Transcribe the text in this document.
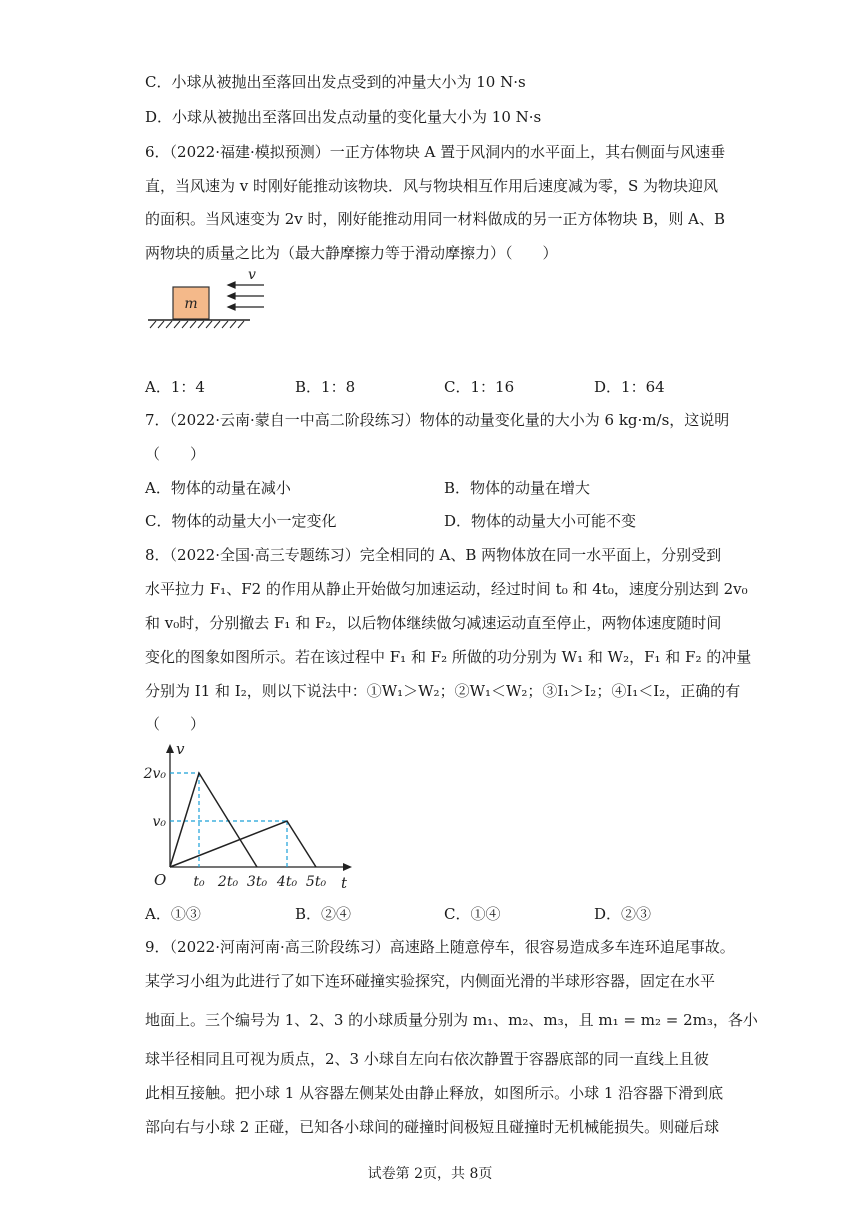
C．小球从被抛出至落回出发点受到的冲量大小为 10 N·s
D．小球从被抛出至落回出发点动量的变化量大小为 10 N·s
6．（2022·福建·模拟预测）一正方体物块 A 置于风洞内的水平面上，其右侧面与风速垂
直，当风速为 v 时刚好能推动该物块．风与物块相互作用后速度减为零，S 为物块迎风
的面积。当风速变为 2v 时，刚好能推动用同一材料做成的另一正方体物块 B，则 A、B
两物块的质量之比为（最大静摩擦力等于滑动摩擦力）（　　）
m
v
A．1：4	B．1：8	C．1：16	D．1：64
7．（2022·云南·蒙自一中高二阶段练习）物体的动量变化量的大小为 6 kg·m/s，这说明
（　　）
A．物体的动量在减小	B．物体的动量在增大
C．物体的动量大小一定变化	D．物体的动量大小可能不变
8．（2022·全国·高三专题练习）完全相同的 A、B 两物体放在同一水平面上，分别受到
水平拉力 F₁、F2 的作用从静止开始做匀加速运动，经过时间 t₀ 和 4t₀，速度分别达到 2v₀
和 v₀时，分别撤去 F₁ 和 F₂，以后物体继续做匀减速运动直至停止，两物体速度随时间
变化的图象如图所示。若在该过程中 F₁ 和 F₂ 所做的功分别为 W₁ 和 W₂，F₁ 和 F₂ 的冲量
分别为 I1 和 I₂，则以下说法中：①W₁＞W₂；②W₁＜W₂；③I₁＞I₂；④I₁＜I₂，正确的有
（　　）
v
t
O
2v₀
v₀
t₀ 2t₀ 3t₀ 4t₀ 5t₀
A．①③	B．②④	C．①④	D．②③
9．（2022·河南河南·高三阶段练习）高速路上随意停车，很容易造成多车连环追尾事故。
某学习小组为此进行了如下连环碰撞实验探究，内侧面光滑的半球形容器，固定在水平
地面上。三个编号为 1、2、3 的小球质量分别为 m₁、m₂、m₃，且 m₁ = m₂ = 2m₃，各小
球半径相同且可视为质点，2、3 小球自左向右依次静置于容器底部的同一直线上且彼
此相互接触。把小球 1 从容器左侧某处由静止释放，如图所示。小球 1 沿容器下滑到底
部向右与小球 2 正碰，已知各小球间的碰撞时间极短且碰撞时无机械能损失。则碰后球
试卷第 2页，共 8页
